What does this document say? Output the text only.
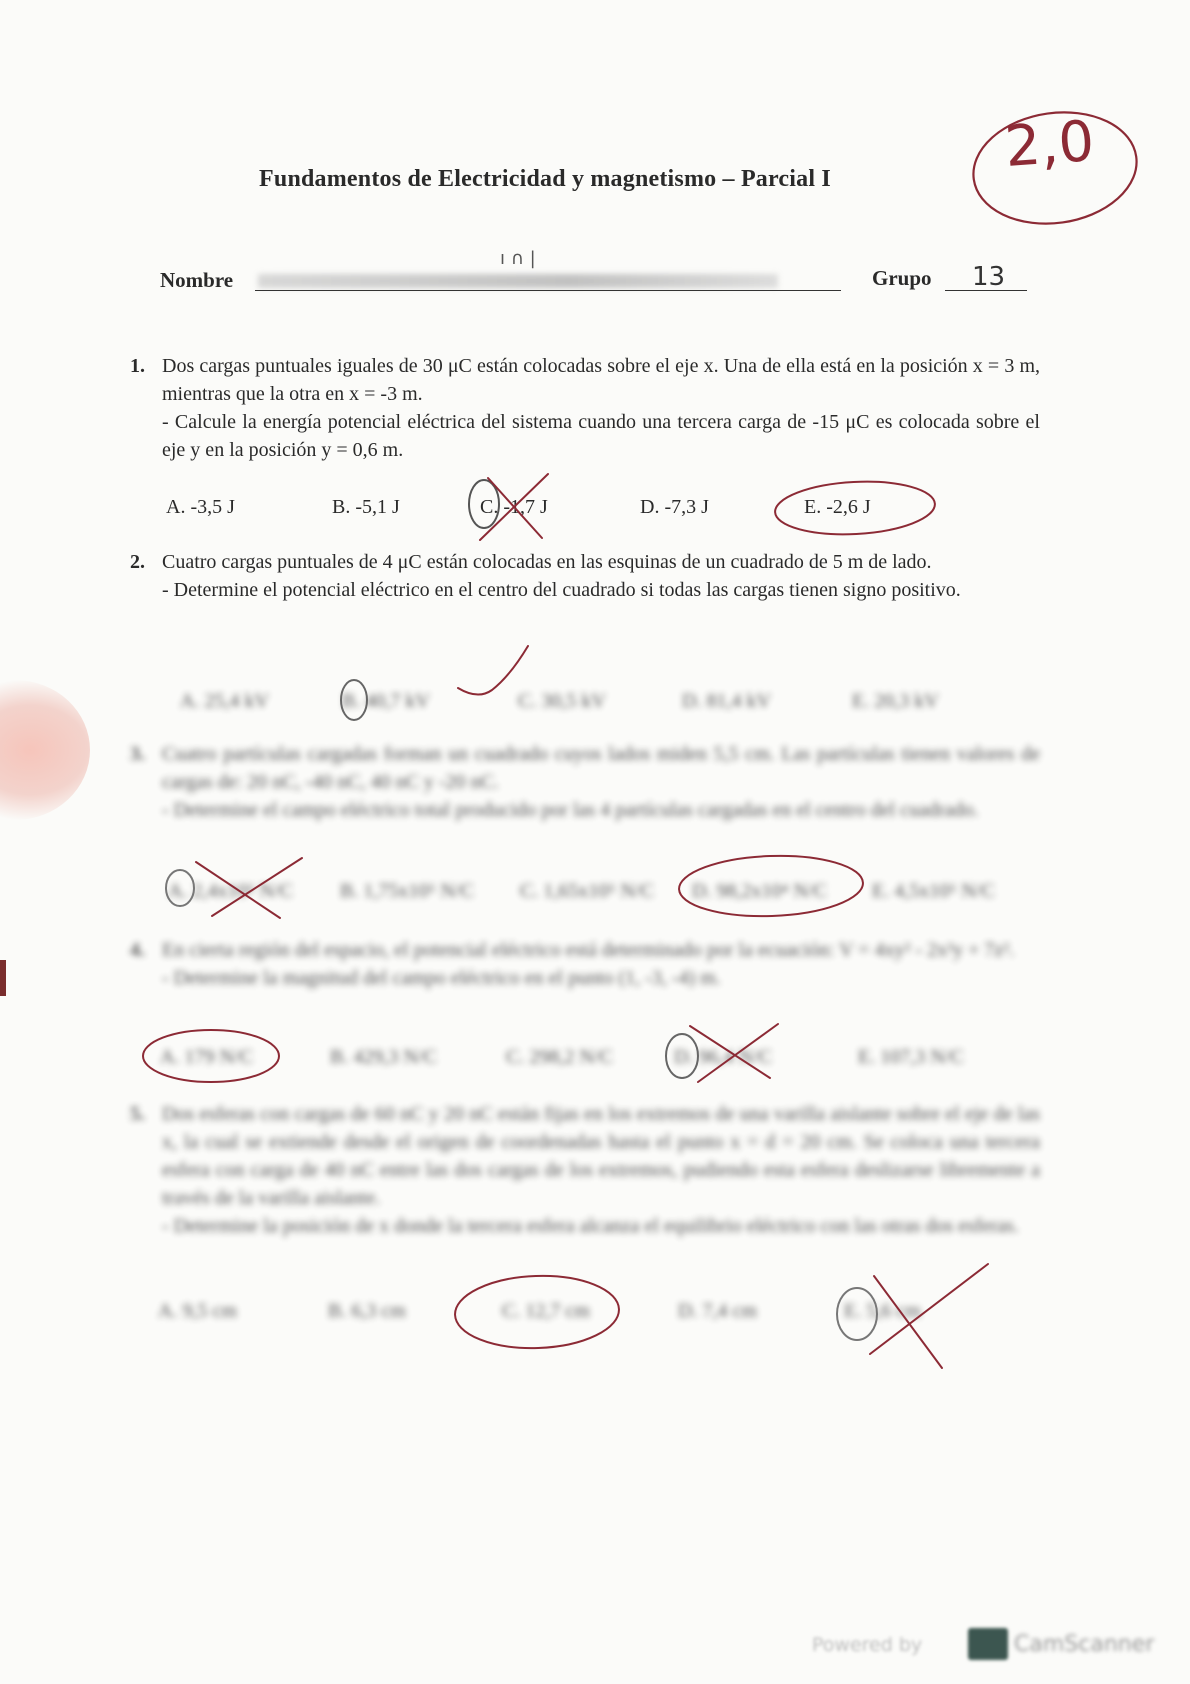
Fundamentos de Electricidad y magnetismo – Parcial I	2,0
Nombre
ı ∩ |
Grupo 13
1. Dos cargas puntuales iguales de 30 μC están colocadas sobre el eje x. Una de ella está en la posición x = 3 m, mientras que la otra en x = -3 m.
- Calcule la energía potencial eléctrica del sistema cuando una tercera carga de -15 μC es colocada sobre el eje y en la posición y = 0,6 m.
A. -3,5 J	B. -5,1 J	C. -1,7 J	D. -7,3 J	E. -2,6 J
2. Cuatro cargas puntuales de 4 μC están colocadas en las esquinas de un cuadrado de 5 m de lado.
- Determine el potencial eléctrico en el centro del cuadrado si todas las cargas tienen signo positivo.
A. 25,4 kV	B. 40,7 kV	C. 30,5 kV	D. 81,4 kV	E. 20,3 kV
3. Cuatro partículas cargadas forman un cuadrado cuyos lados miden 5,5 cm. Las partículas tienen valores de cargas de: 20 nC, -40 nC, 40 nC y -20 nC.
- Determine el campo eléctrico total producido por las 4 partículas cargadas en el centro del cuadrado.
A. 2,4x10⁵ N/C B. 1,75x10⁵ N/C C. 1,65x10⁵ N/C D. 98,2x10⁴ N/C E. 4,5x10⁵ N/C
4. En cierta región del espacio, el potencial eléctrico está determinado por la ecuación: V = 4xy² - 2x²y + 7z².
- Determine la magnitud del campo eléctrico en el punto (1, -3, -4) m.
A. 179 N/C	B. 429,3 N/C	C. 298,2 N/C	D. 96,4 N/C	E. 107,3 N/C
5. Dos esferas con cargas de 60 nC y 20 nC están fijas en los extremos de una varilla aislante sobre el eje de las x, la cual se extiende desde el origen de coordenadas hasta el punto x = d = 20 cm. Se coloca una tercera esfera con carga de 40 nC entre las dos cargas de los extremos, pudiendo esta esfera deslizarse libremente a través de la varilla aislante.
- Determine la posición de x donde la tercera esfera alcanza el equilibrio eléctrico con las otras dos esferas.
A. 9,5 cm	B. 6,3 cm	C. 12,7 cm	D. 7,4 cm	E. 5,6 cm
Powered by	CamScanner
